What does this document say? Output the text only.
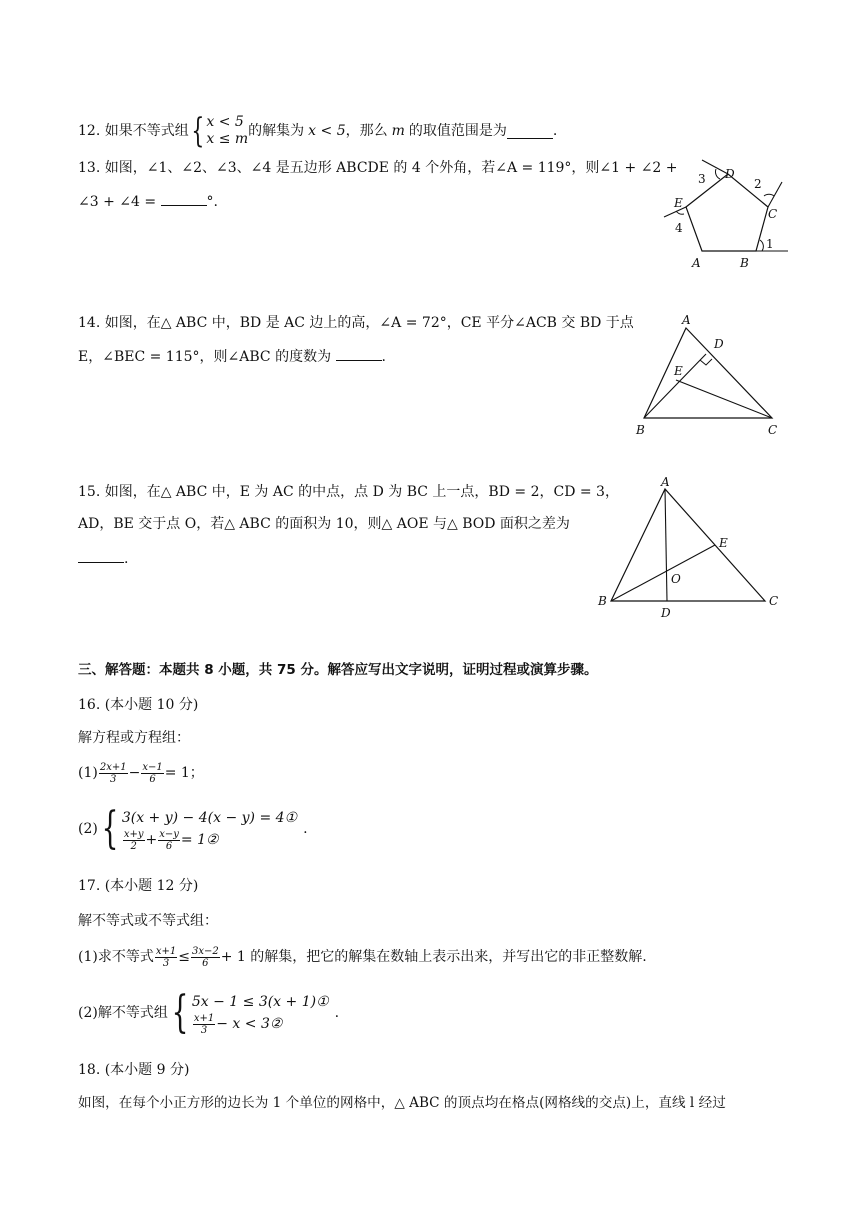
12. 如果不等式组 { x < 5
x ≤ m 的解集为 x < 5 ，那么 m 的取值范围是为	.
13. 如图，∠1、∠2、∠3、∠4 是五边形 ABCDE 的 4 个外角，若∠A = 119°，则∠1 + ∠2 +
∠3 + ∠4 =	°.
A	B
C
D
E
1
2
3
4
14. 如图，在△ ABC 中，BD 是 AC 边上的高，∠A = 72°，CE 平分∠ACB 交 BD 于点
E，∠BEC = 115°，则∠ABC 的度数为	.
A
B	C
D
E
15. 如图，在△ ABC 中，E 为 AC 的中点，点 D 为 BC 上一点，BD = 2，CD = 3，
AD，BE 交于点 O，若△ ABC 的面积为 10，则△ AOE 与△ BOD 面积之差为
.
A
B	C
D
E
O
三、解答题：本题共 8 小题，共 75 分。解答应写出文字说明，证明过程或演算步骤。
16. (本小题 10 分)
解方程或方程组：
$(1) \frac{2x+1}{3} - \frac{x-1}{6} = 1$；
(2) { 3(x + y) − 4(x − y) = 4①
$\frac{x+y}{2} + \frac{x-y}{6}$ = 1②
.
17. (本小题 12 分)
解不等式或不等式组：
(1)求不等式 $\frac{x+1}{3} \le \frac{3x-2}{6} + 1$ 的解集，把它的解集在数轴上表示出来，并写出它的非正整数解.
(2)解不等式组 { 5x − 1 ≤ 3(x + 1)①
$\frac{x+1}{3} - x$ < 3②
.
18. (本小题 9 分)
如图，在每个小正方形的边长为 1 个单位的网格中，△ ABC 的顶点均在格点(网格线的交点)上，直线 l 经过
